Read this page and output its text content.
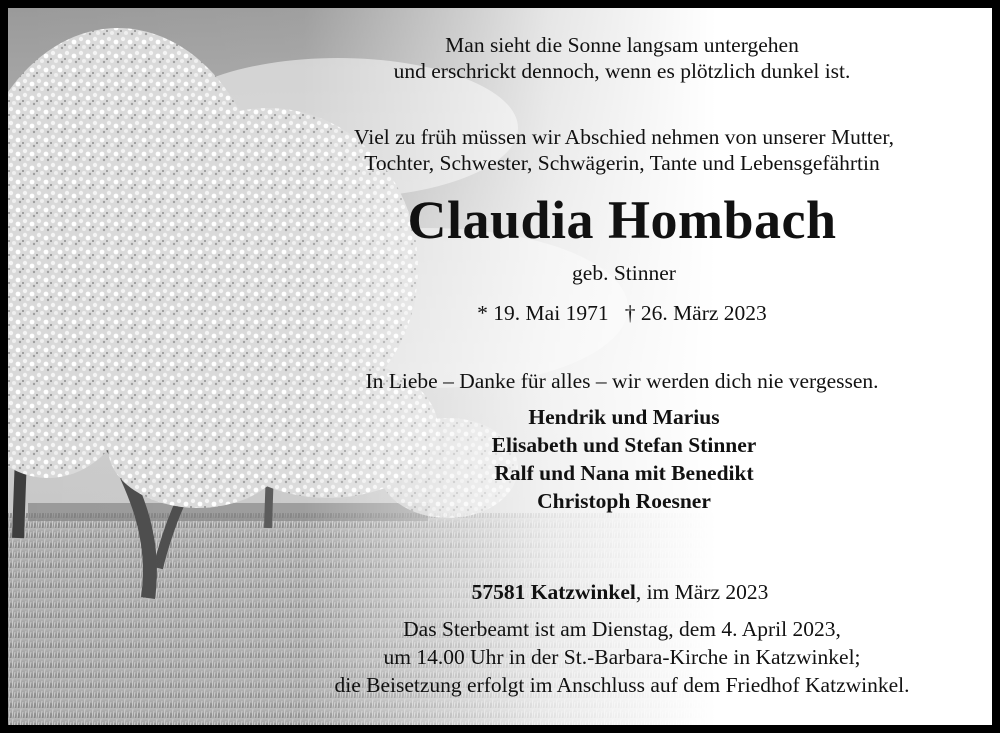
Man sieht die Sonne langsam untergehen
und erschrickt dennoch, wenn es plötzlich dunkel ist.
Viel zu früh müssen wir Abschied nehmen von unserer Mutter,
Tochter, Schwester, Schwägerin, Tante und Lebensgefährtin
Claudia Hombach
geb. Stinner
* 19. Mai 1971 † 26. März 2023
In Liebe – Danke für alles – wir werden dich nie vergessen.
Hendrik und Marius
Elisabeth und Stefan Stinner
Ralf und Nana mit Benedikt
Christoph Roesner
57581 Katzwinkel, im März 2023
Das Sterbeamt ist am Dienstag, dem 4. April 2023,
um 14.00 Uhr in der St.-Barbara-Kirche in Katzwinkel;
die Beisetzung erfolgt im Anschluss auf dem Friedhof Katzwinkel.
